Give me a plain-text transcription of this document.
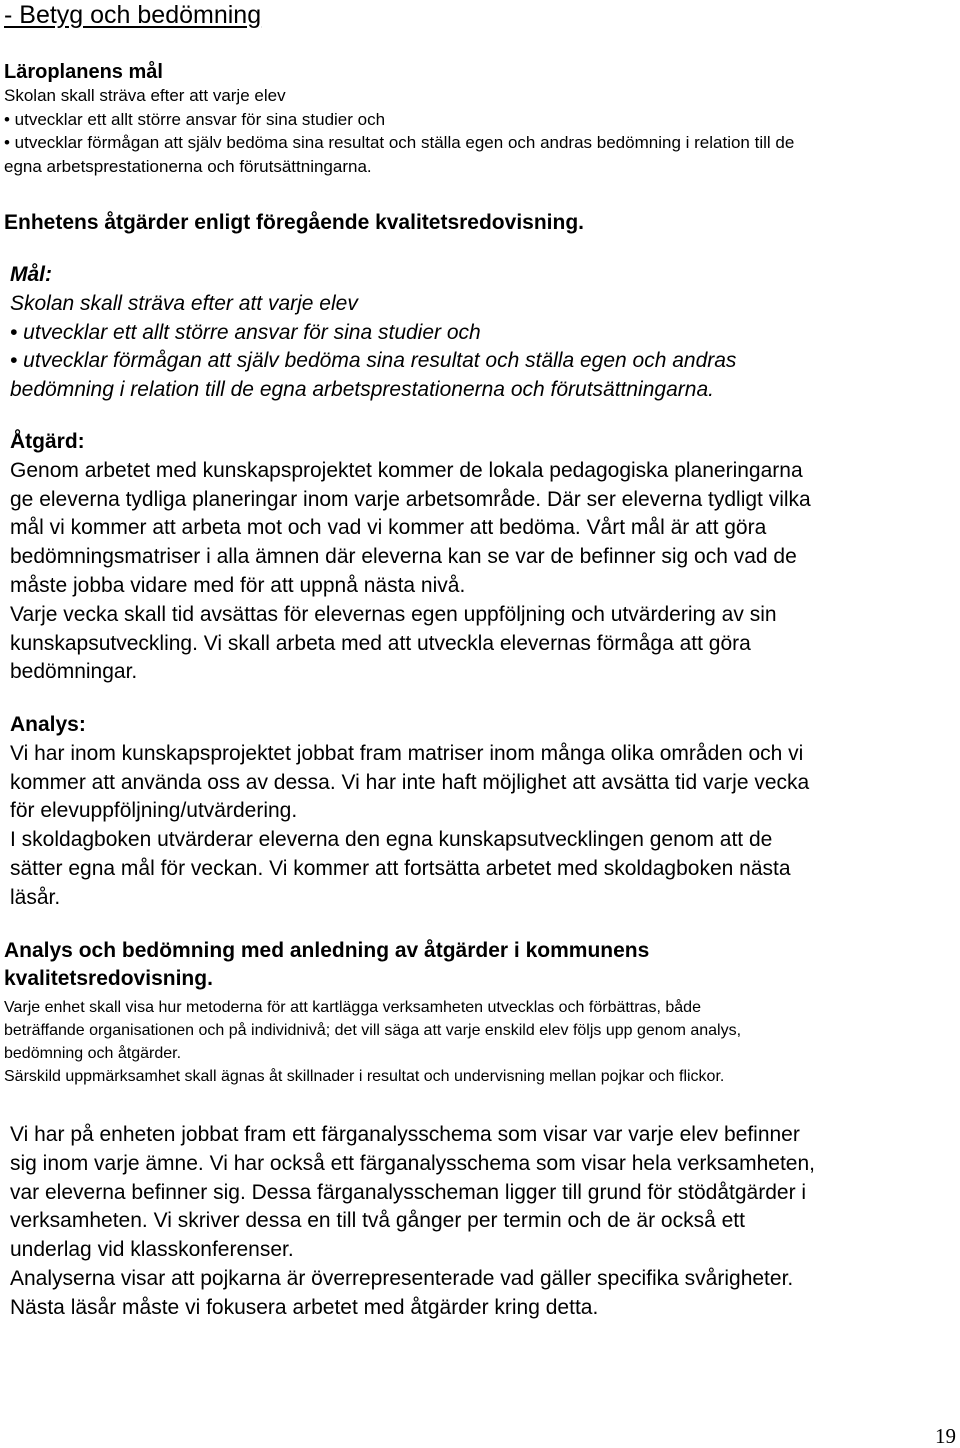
- Betyg och bedömning
Läroplanens mål
Skolan skall sträva efter att varje elev
• utvecklar ett allt större ansvar för sina studier och
• utvecklar förmågan att själv bedöma sina resultat och ställa egen och andras bedömning i relation till de
egna arbetsprestationerna och förutsättningarna.
Enhetens åtgärder enligt föregående kvalitetsredovisning.
Mål:
Skolan skall sträva efter att varje elev
• utvecklar ett allt större ansvar för sina studier och
• utvecklar förmågan att själv bedöma sina resultat och ställa egen och andras
bedömning i relation till de egna arbetsprestationerna och förutsättningarna.
Åtgärd:
Genom arbetet med kunskapsprojektet kommer de lokala pedagogiska planeringarna
ge eleverna tydliga planeringar inom varje arbetsområde. Där ser eleverna tydligt vilka
mål vi kommer att arbeta mot och vad vi kommer att bedöma. Vårt mål är att göra
bedömningsmatriser i alla ämnen där eleverna kan se var de befinner sig och vad de
måste jobba vidare med för att uppnå nästa nivå.
Varje vecka skall tid avsättas för elevernas egen uppföljning och utvärdering av sin
kunskapsutveckling. Vi skall arbeta med att utveckla elevernas förmåga att göra
bedömningar.
Analys:
Vi har inom kunskapsprojektet jobbat fram matriser inom många olika områden och vi
kommer att använda oss av dessa. Vi har inte haft möjlighet att avsätta tid varje vecka
för elevuppföljning/utvärdering.
I skoldagboken utvärderar eleverna den egna kunskapsutvecklingen genom att de
sätter egna mål för veckan. Vi kommer att fortsätta arbetet med skoldagboken nästa
läsår.
Analys och bedömning med anledning av åtgärder i kommunens
kvalitetsredovisning.
Varje enhet skall visa hur metoderna för att kartlägga verksamheten utvecklas och förbättras, både
beträffande organisationen och på individnivå; det vill säga att varje enskild elev följs upp genom analys,
bedömning och åtgärder.
Särskild uppmärksamhet skall ägnas åt skillnader i resultat och undervisning mellan pojkar och flickor.
Vi har på enheten jobbat fram ett färganalysschema som visar var varje elev befinner
sig inom varje ämne. Vi har också ett färganalysschema som visar hela verksamheten,
var eleverna befinner sig. Dessa färganalysscheman ligger till grund för stödåtgärder i
verksamheten. Vi skriver dessa en till två gånger per termin och de är också ett
underlag vid klasskonferenser.
Analyserna visar att pojkarna är överrepresenterade vad gäller specifika svårigheter.
Nästa läsår måste vi fokusera arbetet med åtgärder kring detta.
19
